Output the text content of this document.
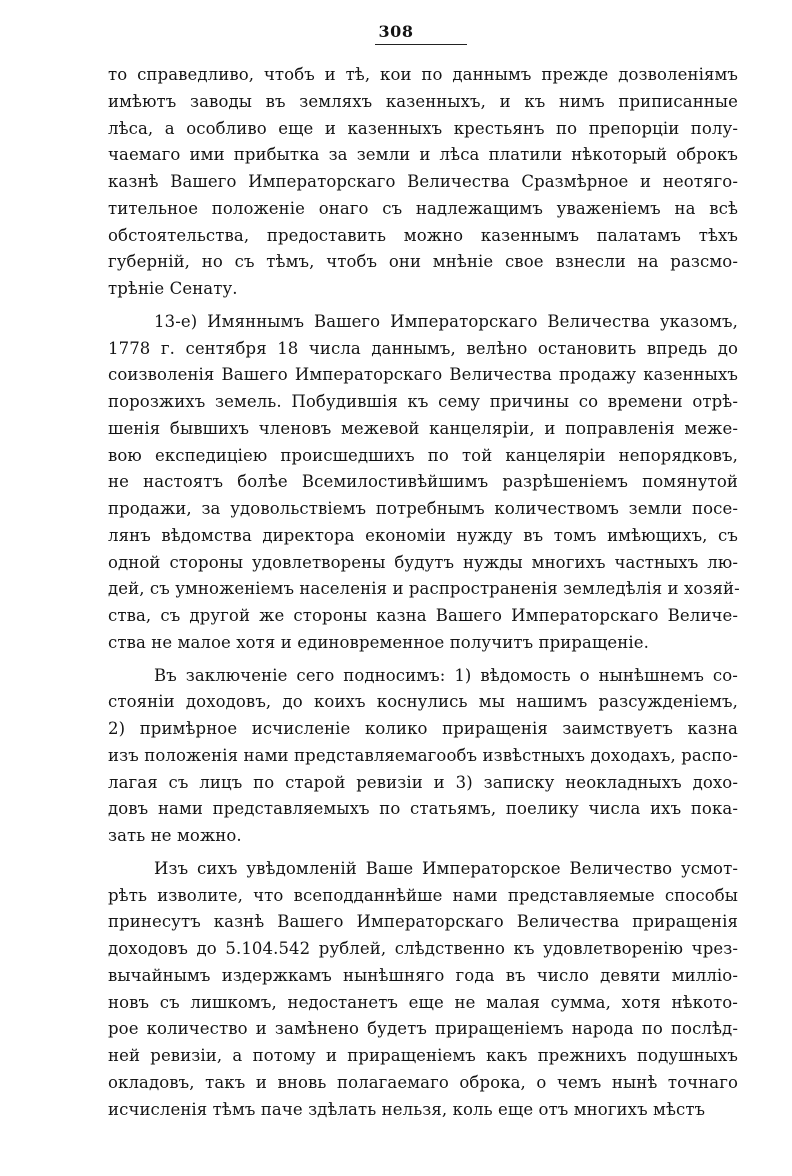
308
то справедливо, чтобъ и тѣ, кои по даннымъ прежде дозволеніямъ
имѣютъ заводы въ земляхъ казенныхъ, и къ нимъ приписанные
лѣса, а особливо еще и казенныхъ крестьянъ по препорціи полу-
чаемаго ими прибытка за земли и лѣса платили нѣкоторый оброкъ
казнѣ Вашего Императорскаго Величества Сразмѣрное и неотяго-
тительное положеніе онаго съ надлежащимъ уваженіемъ на всѣ
обстоятельства, предоставить можно казеннымъ палатамъ тѣхъ
губерній, но съ тѣмъ, чтобъ они мнѣніе свое взнесли на разсмо-
трѣніе Сенату.
13-е) Имяннымъ Вашего Императорскаго Величества указомъ,
1778 г. сентября 18 числа даннымъ, велѣно остановить впредь до
соизволенія Вашего Императорскаго Величества продажу казенныхъ
порозжихъ земель. Побудившія къ сему причины со времени отрѣ-
шенія бывшихъ членовъ межевой канцеляріи, и поправленія меже-
вою експедиціею происшедшихъ по той канцеляріи непорядковъ,
не настоятъ болѣе Всемилостивѣйшимъ разрѣшеніемъ помянутой
продажи, за удовольствіемъ потребнымъ количествомъ земли посе-
лянъ вѣдомства директора економіи нужду въ томъ имѣющихъ, съ
одной стороны удовлетворены будутъ нужды многихъ частныхъ лю-
дей, съ умноженіемъ населенія и распространенія земледѣлія и хозяй-
ства, съ другой же стороны казна Вашего Императорскаго Величе-
ства не малое хотя и единовременное получитъ приращеніе.
Въ заключеніе сего подносимъ: 1) вѣдомость о нынѣшнемъ со-
стояніи доходовъ, до коихъ коснулись мы нашимъ разсужденіемъ,
2) примѣрное исчисленіе колико приращенія заимствуетъ казна
изъ положенія нами представляемагообъ извѣстныхъ доходахъ, распо-
лагая съ лицъ по старой ревизіи и 3) записку неокладныхъ дохо-
довъ нами представляемыхъ по статьямъ, поелику числа ихъ пока-
зать не можно.
Изъ сихъ увѣдомленій Ваше Императорское Величество усмот-
рѣть изволите, что всеподданнѣйше нами представляемые способы
принесутъ казнѣ Вашего Императорскаго Величества приращенія
доходовъ до 5.104.542 рублей, слѣдственно къ удовлетворенію чрез-
вычайнымъ издержкамъ нынѣшняго года въ число девяти милліо-
новъ съ лишкомъ, недостанетъ еще не малая сумма, хотя нѣкото-
рое количество и замѣнено будетъ приращеніемъ народа по послѣд-
ней ревизіи, а потому и приращеніемъ какъ прежнихъ подушныхъ
окладовъ, такъ и вновь полагаемаго оброка, о чемъ нынѣ точнаго
исчисленія тѣмъ паче здѣлать нельзя, коль еще отъ многихъ мѣстъ
